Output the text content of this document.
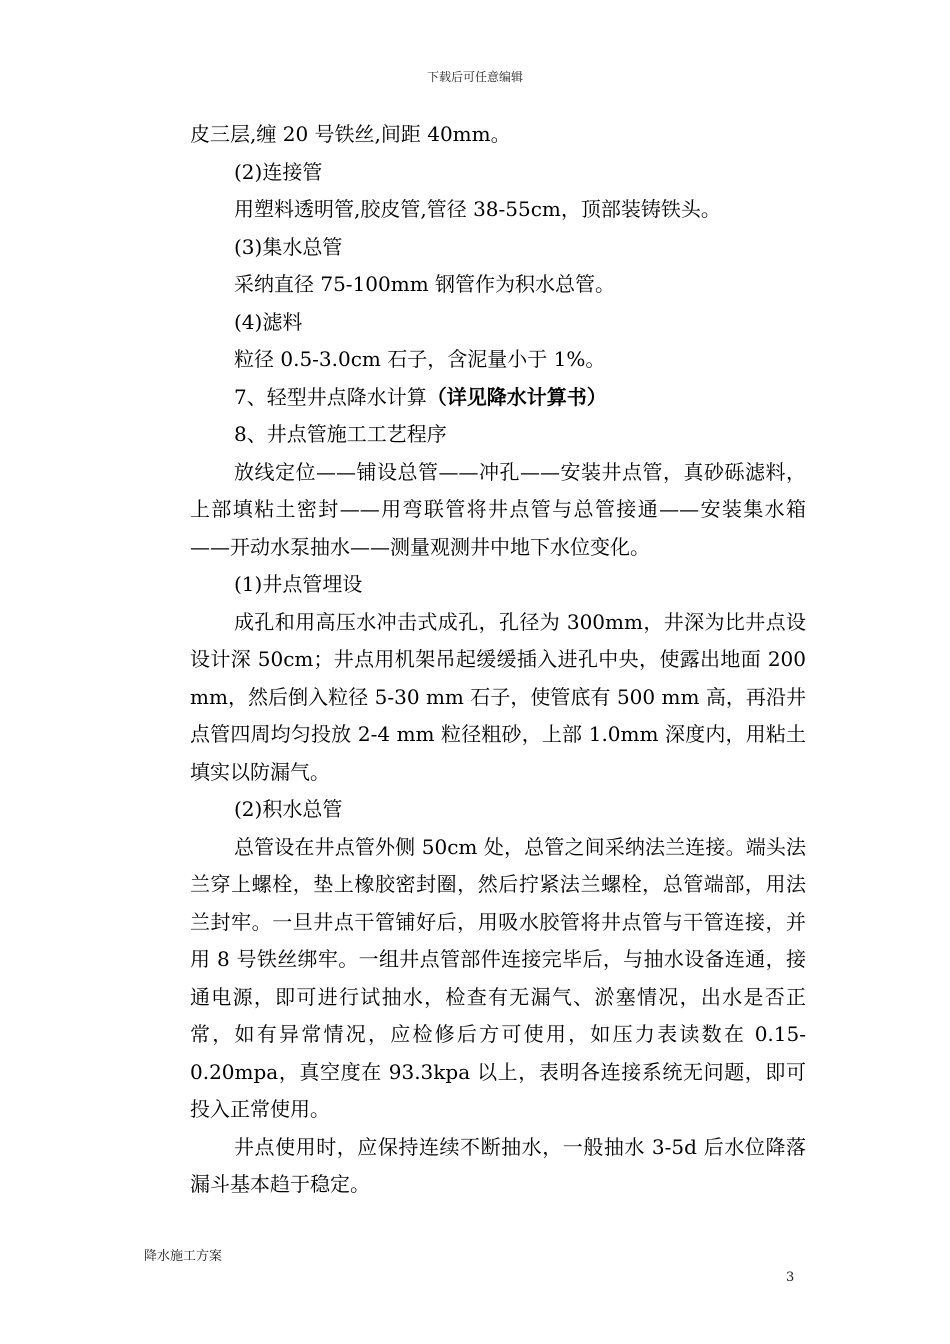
下载后可任意编辑

皮三层,缠 20 号铁丝,间距 40mm。

(2)连接管

用塑料透明管,胶皮管,管径 38-55cm，顶部装铸铁头。

(3)集水总管

采纳直径 75-100mm 钢管作为积水总管。

(4)滤料

粒径 0.5-3.0cm 石子，含泥量小于 1%。

7、轻型井点降水计算（详见降水计算书）

8、井点管施工工艺程序

放线定位——铺设总管——冲孔——安装井点管，真砂砾滤料，上部填粘土密封——用弯联管将井点管与总管接通——安装集水箱——开动水泵抽水——测量观测井中地下水位变化。

(1)井点管埋设

成孔和用高压水冲击式成孔，孔径为 300mm，井深为比井点设设计深 50cm；井点用机架吊起缓缓插入进孔中央，使露出地面 200 mm，然后倒入粒径 5-30 mm 石子，使管底有 500 mm 高，再沿井点管四周均匀投放 2-4 mm 粒径粗砂，上部 1.0mm 深度内，用粘土填实以防漏气。

(2)积水总管

总管设在井点管外侧 50cm 处，总管之间采纳法兰连接。端头法兰穿上螺栓，垫上橡胶密封圈，然后拧紧法兰螺栓，总管端部，用法兰封牢。一旦井点干管铺好后，用吸水胶管将井点管与干管连接，并用 8 号铁丝绑牢。一组井点管部件连接完毕后，与抽水设备连通，接通电源，即可进行试抽水，检查有无漏气、淤塞情况，出水是否正常，如有异常情况，应检修后方可使用，如压力表读数在 0.15-0.20mpa，真空度在 93.3kpa 以上，表明各连接系统无问题，即可投入正常使用。

井点使用时，应保持连续不断抽水，一般抽水 3-5d 后水位降落漏斗基本趋于稳定。

降水施工方案
3
